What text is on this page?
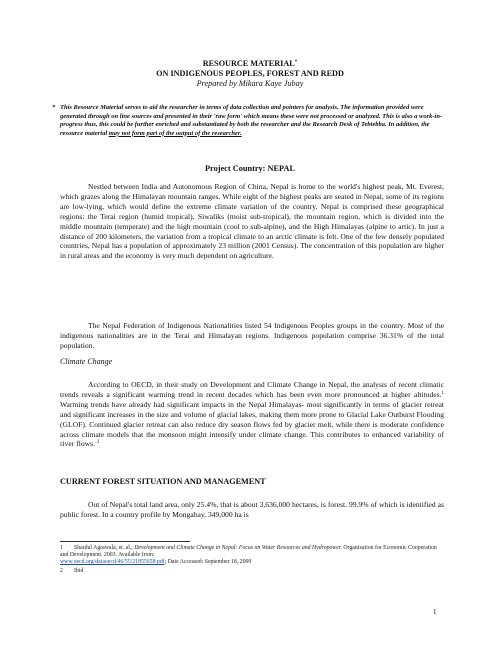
RESOURCE MATERIAL*
ON INDIGENOUS PEOPLES, FOREST AND REDD
Prepared by Mikara Kaye Jubay
* This Resource Material serves to aid the researcher in terms of data collection and pointers for analysis. The information provided were generated through on line sources and presented in their 'raw form' which means these were not processed or analyzed. This is also a work-in-progress thus, this could be further enriched and substantiated by both the researcher and the Research Desk of Tebtebba. In addition, the resource material may not form part of the output of the researcher.
Project Country: NEPAL

Nestled between India and Autonomous Region of China, Nepal is home to the world's highest peak, Mt. Everest, which grazes along the Himalayan mountain ranges. While eight of the highest peaks are seated in Nepal, some of its regions are low-lying, which would define the extreme climate variation of the country. Nepal is comprised these geographical regions: the Terai region (humid tropical), Siwaliks (moist sub-tropical), the mountain region, which is divided into the middle mountain (temperate) and the high mountain (cool to sub-alpine), and the High Himalayas (alpine to artic). In just a distance of 200 kilometers, the variation from a tropical climate to an arctic climate is felt. One of the few densely populated countries, Nepal has a population of approximately 23 million (2001 Census). The concentration of this population are higher in rural areas and the economy is very much dependent on agriculture.

The Nepal Federation of Indigenous Nationalities listed 54 Indigenous Peoples groups in the country. Most of the indigenous nationalities are in the Terai and Himalayan regions. Indigenous population comprise 36.31% of the total population.

Climate Change

According to OECD, in their study on Development and Climate Change in Nepal, the analysis of recent climatic trends reveals a significant warming trend in recent decades which has been even more pronounced at higher altitudes.$^1$ Warming trends have already had significant impacts in the Nepal Himalayas- most significantly in terms of glacier retreat and significant increases in the size and volume of glacial lakes, making them more prone to Glacial Lake Outburst Flooding (GLOF). Continued glacier retreat can also reduce dry season flows fed by glacier melt, while there is moderate confidence across climate models that the monsoon might intensify under climate change. This contributes to enhanced variability of river flows. $^2$

CURRENT FOREST SITUATION AND MANAGEMENT

Out of Nepal's total land area, only 25.4%, that is about 3,636,000 hectares, is forest. 99.9% of which is identified as public forest. In a country profile by Mongabay, 349,000 ha is

1 Shardul Agrawala, et. al., Development and Climate Change in Nepal: Focus on Water Resources and Hydropower. Organization for Economic Cooperation and Development. 2003. Available from:
www.oecd.org/dataoecd/46/55/21855658.pdf; Date Accessed: September 18, 2009
2 Ibid
1
